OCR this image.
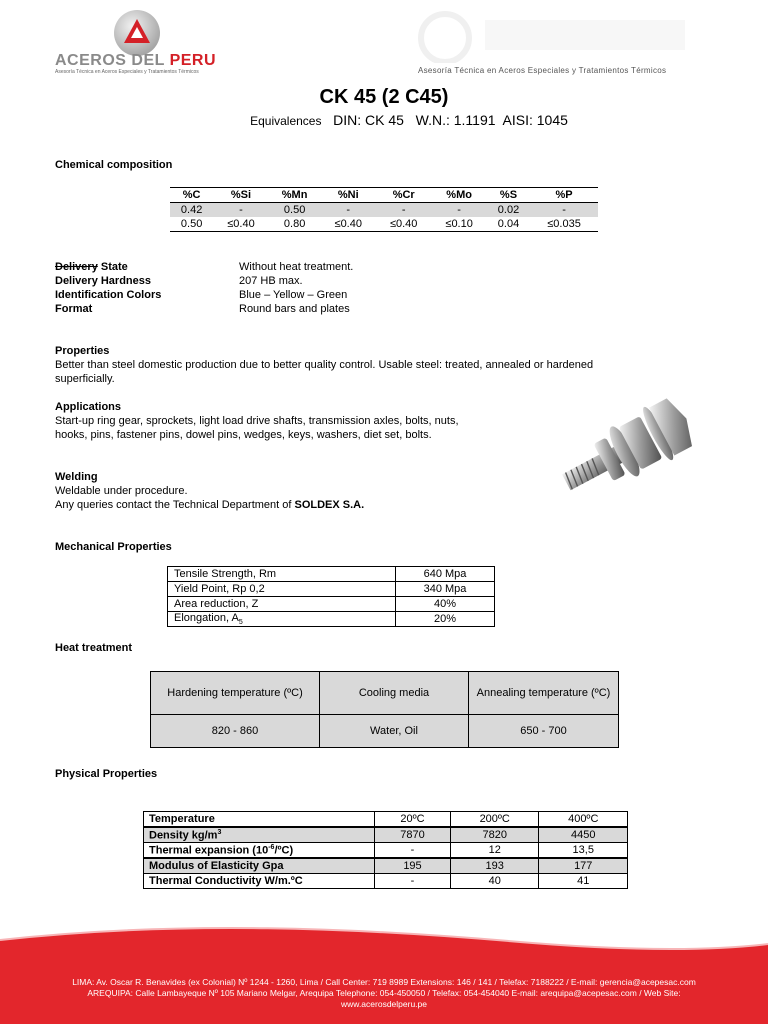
ACEROS DEL PERU
Asesoría Técnica en Aceros Especiales y Tratamientos Térmicos	Asesoría Técnica en Aceros Especiales y Tratamientos Térmicos
CK 45 (2 C45)
Equivalences DIN: CK 45   W.N.: 1.1191  AISI: 1045
Chemical composition
%C	%Si	%Mn	%Ni	%Cr	%Mo	%S	%P
0.42	-	0.50	-	-	-	0.02	-
0.50	≤0.40	0.80	≤0.40	≤0.40	≤0.10	0.04	≤0.035
Delivery State	Without heat treatment.
Delivery Hardness	207 HB max.
Identification Colors	Blue – Yellow – Green
Format	Round bars and plates
Properties
Better than steel domestic production due to better quality control. Usable steel: treated, annealed or hardened
superficially.
Applications
Start-up ring gear, sprockets, light load drive shafts, transmission axles, bolts, nuts,
hooks, pins, fastener pins, dowel pins, wedges, keys, washers, diet set, bolts.
Welding
Weldable under procedure.
Any queries contact the Technical Department of SOLDEX S.A.
Mechanical Properties
Tensile Strength, Rm	640 Mpa
Yield Point, Rp 0,2	340 Mpa
Area reduction, Z	40%
Elongation, $A_5$	20%
Heat treatment
Hardening temperature (ºC)	Cooling media	Annealing temperature (ºC)
820 - 860	Water, Oil	650 - 700
Physical Properties
Temperature	20ºC	200ºC	400ºC
Density $kg/m^3$	7870	7820	4450
Thermal expansion $(10^{-6}/ºC)$	-	12	13,5
Modulus of Elasticity Gpa	195	193	177
Thermal Conductivity W/m.ºC	-	40	41
LIMA: Av. Oscar R. Benavides (ex Colonial) Nº 1244 - 1260, Lima / Call Center: 719 8989 Extensions: 146 / 141 / Telefax: 7188222 / E-mail: gerencia@acepesac.com AREQUIPA: Calle Lambayeque Nº 105 Mariano Melgar, Arequipa Telephone: 054-450050 / Telefax: 054-454040 E-mail: arequipa@acepesac.com / Web Site: www.acerosdelperu.pe
